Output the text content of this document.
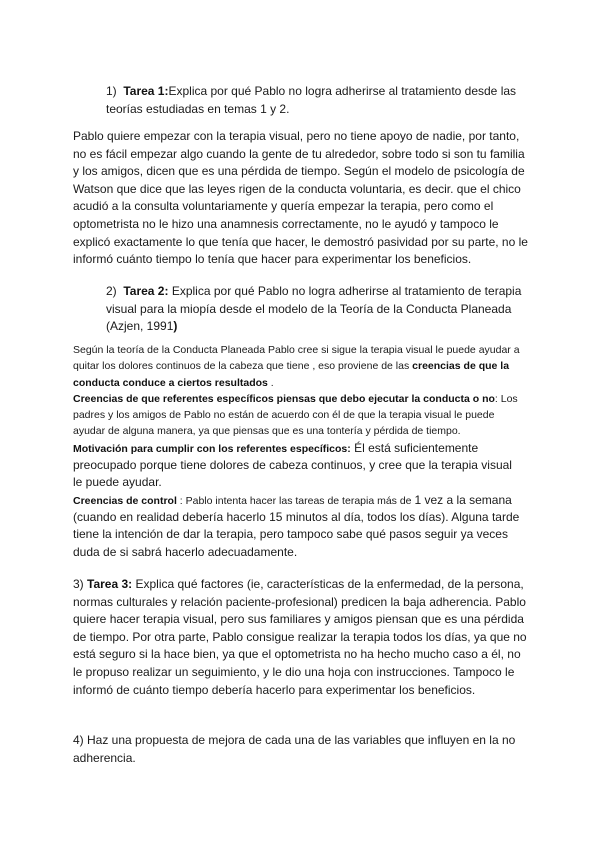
1) Tarea 1:Explica por qué Pablo no logra adherirse al tratamiento desde las teorías estudiadas en temas 1 y 2.

Pablo quiere empezar con la terapia visual, pero no tiene apoyo de nadie, por tanto, no es fácil empezar algo cuando la gente de tu alrededor, sobre todo si son tu familia y los amigos, dicen que es una pérdida de tiempo. Según el modelo de psicología de Watson que dice que las leyes rigen de la conducta voluntaria, es decir. que el chico acudió a la consulta voluntariamente y quería empezar la terapia, pero como el optometrista no le hizo una anamnesis correctamente, no le ayudó y tampoco le explicó exactamente lo que tenía que hacer, le demostró pasividad por su parte, no le informó cuánto tiempo lo tenía que hacer para experimentar los beneficios.

2) Tarea 2: Explica por qué Pablo no logra adherirse al tratamiento de terapia visual para la miopía desde el modelo de la Teoría de la Conducta Planeada (Azjen, 1991)

Según la teoría de la Conducta Planeada Pablo cree si sigue la terapia visual le puede ayudar a quitar los dolores continuos de la cabeza que tiene , eso proviene de las creencias de que la conducta conduce a ciertos resultados .
Creencias de que referentes específicos piensas que debo ejecutar la conducta o no: Los padres y los amigos de Pablo no están de acuerdo con él de que la terapia visual le puede ayudar de alguna manera, ya que piensas que es una tontería y pérdida de tiempo.
Motivación para cumplir con los referentes específicos: Él está suficientemente preocupado porque tiene dolores de cabeza continuos, y cree que la terapia visual le puede ayudar.
Creencias de control : Pablo intenta hacer las tareas de terapia más de 1 vez a la semana (cuando en realidad debería hacerlo 15 minutos al día, todos los días). Alguna tarde tiene la intención de dar la terapia, pero tampoco sabe qué pasos seguir ya veces duda de si sabrá hacerlo adecuadamente.

3) Tarea 3: Explica qué factores (ie, características de la enfermedad, de la persona, normas culturales y relación paciente-profesional) predicen la baja adherencia. Pablo quiere hacer terapia visual, pero sus familiares y amigos piensan que es una pérdida de tiempo. Por otra parte, Pablo consigue realizar la terapia todos los días, ya que no está seguro si la hace bien, ya que el optometrista no ha hecho mucho caso a él, no le propuso realizar un seguimiento, y le dio una hoja con instrucciones. Tampoco le informó de cuánto tiempo debería hacerlo para experimentar los beneficios.

4) Haz una propuesta de mejora de cada una de las variables que influyen en la no adherencia.
